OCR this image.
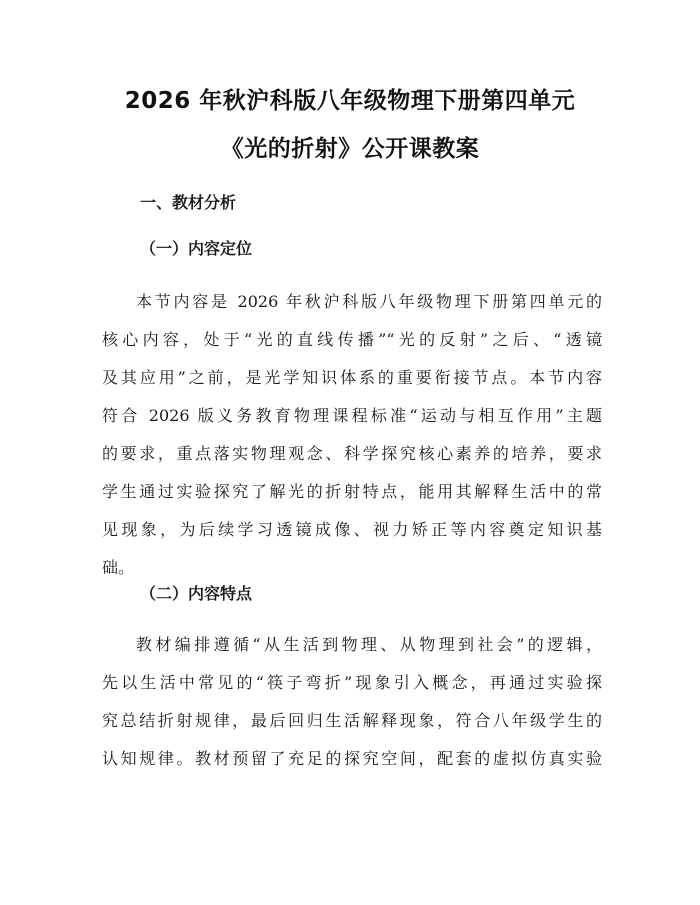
2026 年秋沪科版八年级物理下册第四单元
《光的折射》公开课教案
一、教材分析
（一）内容定位
本节内容是 2026 年秋沪科版八年级物理下册第四单元的
核心内容，处于“光的直线传播”“光的反射”之后、“透镜
及其应用”之前，是光学知识体系的重要衔接节点。本节内容
符合 2026 版义务教育物理课程标准“运动与相互作用”主题
的要求，重点落实物理观念、科学探究核心素养的培养，要求
学生通过实验探究了解光的折射特点，能用其解释生活中的常
见现象，为后续学习透镜成像、视力矫正等内容奠定知识基
础。
（二）内容特点
教材编排遵循“从生活到物理、从物理到社会”的逻辑，
先以生活中常见的“筷子弯折”现象引入概念，再通过实验探
究总结折射规律，最后回归生活解释现象，符合八年级学生的
认知规律。教材预留了充足的探究空间，配套的虚拟仿真实验
